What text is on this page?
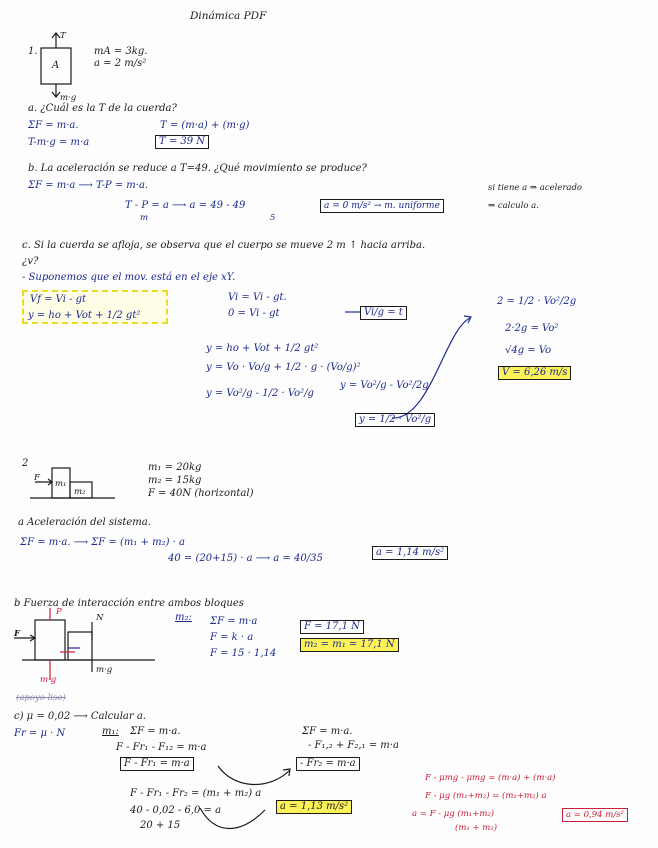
Dinámica PDF
1.
A
T
m·g
mA = 3kg.
a = 2 m/s²
a. ¿Cuál es la T de la cuerda?
ΣF = m·a.	T = (m·a) + (m·g)
T-m·g = m·a	T = 39 N
b. La aceleración se reduce a T=49. ¿Qué movimiento se produce?
ΣF = m·a ⟶ T-P = m·a.
T - P = a ⟶ a = 49 - 49
m	5
a = 0 m/s² → m. uniforme
si tiene a ⇒ acelerado
⇒ calculo a.
c. Si la cuerda se afloja, se observa que el cuerpo se mueve 2 m ↑ hacia arriba.
¿v?
- Suponemos que el mov. está en el eje xY.
Vf = Vi - gt
y = ho + Vot + 1/2 gt²
Vi = Vi - gt.
0 = Vi - gt	Vi/g = t
y = ho + Vot + 1/2 gt²
y = Vo · Vo/g + 1/2 · g · (Vo/g)²
y = Vo²/g - 1/2 · Vo²/g
y = Vo²/g - Vo²/2g
y = 1/2 · Vo²/g
2 = 1/2 · Vo²/2g
2·2g = Vo²
√4g = Vo
V = 6,26 m/s
2
F
m₁
m₂
m₁ = 20kg
m₂ = 15kg
F = 40N (horizontal)
a Aceleración del sistema.
ΣF = m·a. ⟶ ΣF = (m₁ + m₂) · a
40 = (20+15) · a ⟶ a = 40/35
a = 1,14 m/s²
b Fuerza de interacción entre ambos bloques
P
N
F
m·g
m·g
(apoyo liso)
m₂: ΣF = m·a
F = k · a
F = 15 · 1,14
F = 17,1 N
m₂ = m₁ = 17,1 N
c) μ = 0,02 ⟶ Calcular a.
Fr = μ · N	m₁: ΣF = m·a.
F - Fr₁ - F₁₂ = m·a
F - Fr₁ = m·a
ΣF = m·a.
- F₁,₂ + F₂,₁ = m·a
- Fr₂ = m·a
F - Fr₁ - Fr₂ = (m₁ + m₂) a
40 - 0,02 - 6,0 = a
20 + 15
a = 1,13 m/s²
F - μmg - μmg = (m·a) + (m·a)
F - μg (m₁+m₂) = (m₁+m₂) a
a = F - μg (m₁+m₂)
(m₁ + m₂)
a = 0,94 m/s²
